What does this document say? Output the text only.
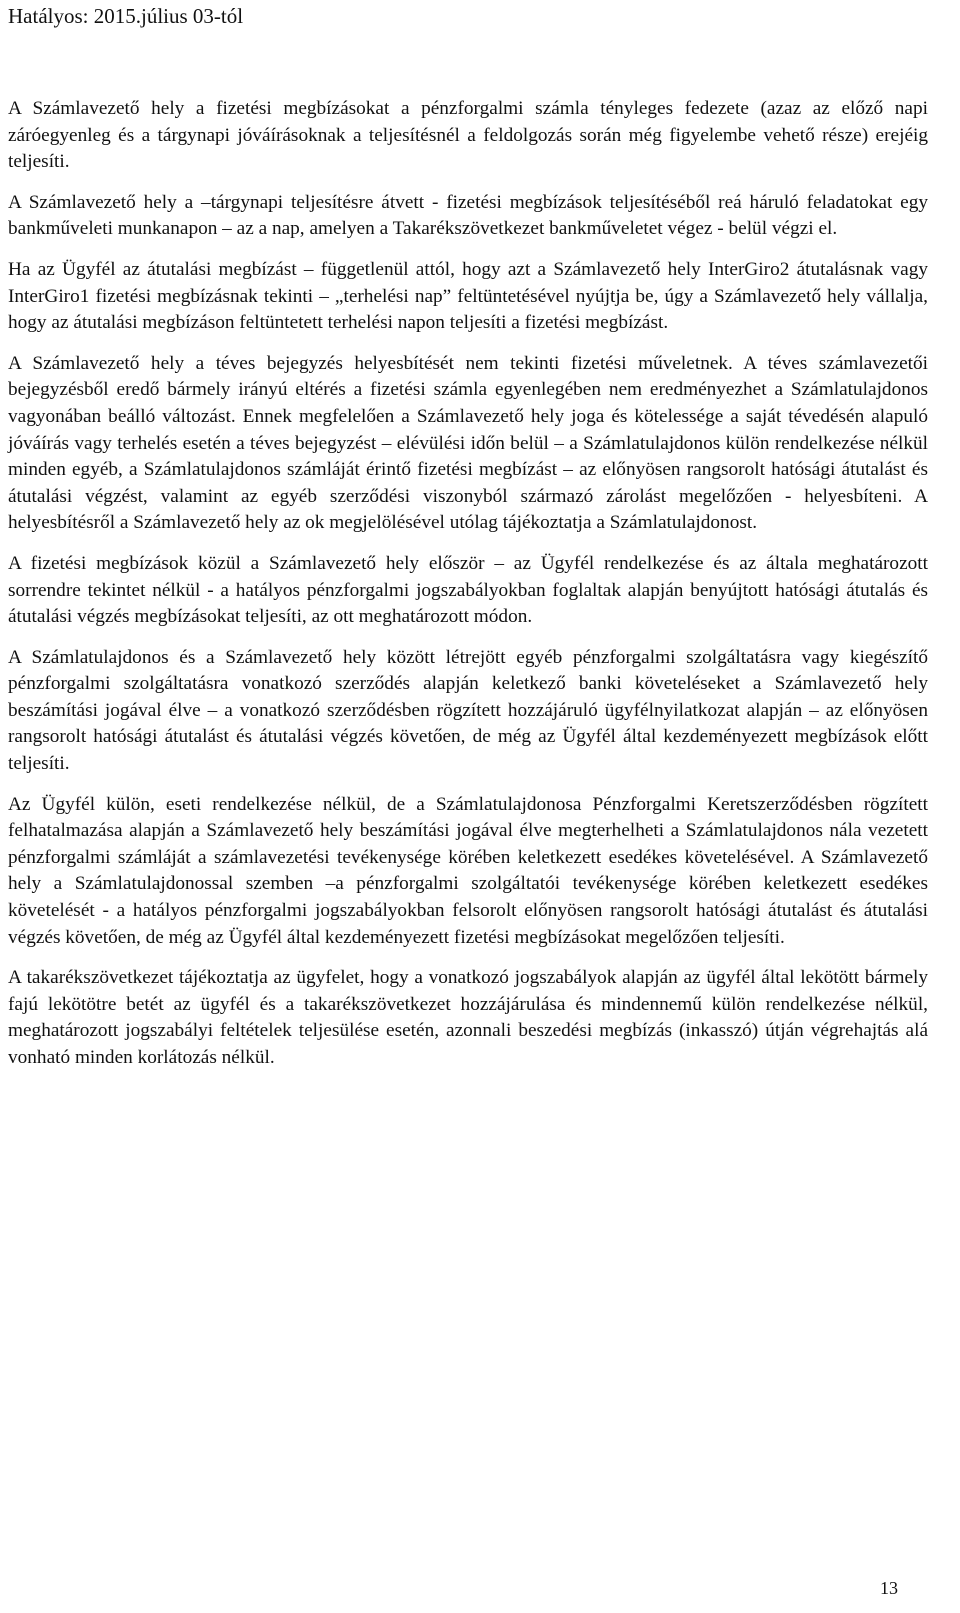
Hatályos: 2015.július 03-tól

A Számlavezető hely a fizetési megbízásokat a pénzforgalmi számla tényleges fedezete (azaz az előző napi záróegyenleg és a tárgynapi jóváírásoknak a teljesítésnél a feldolgozás során még figyelembe vehető része) erejéig teljesíti.

A Számlavezető hely a –tárgynapi teljesítésre átvett - fizetési megbízások teljesítéséből reá háruló feladatokat egy bankműveleti munkanapon – az a nap, amelyen a Takarékszövetkezet bankműveletet végez - belül végzi el.

Ha az Ügyfél az átutalási megbízást – függetlenül attól, hogy azt a Számlavezető hely InterGiro2 átutalásnak vagy InterGiro1 fizetési megbízásnak tekinti – „terhelési nap” feltüntetésével nyújtja be, úgy a Számlavezető hely vállalja, hogy az átutalási megbízáson feltüntetett terhelési napon teljesíti a fizetési megbízást.

A Számlavezető hely a téves bejegyzés helyesbítését nem tekinti fizetési műveletnek. A téves számlavezetői bejegyzésből eredő bármely irányú eltérés a fizetési számla egyenlegében nem eredményezhet a Számlatulajdonos vagyonában beálló változást. Ennek megfelelően a Számlavezető hely joga és kötelessége a saját tévedésén alapuló jóváírás vagy terhelés esetén a téves bejegyzést – elévülési időn belül – a Számlatulajdonos külön rendelkezése nélkül minden egyéb, a Számlatulajdonos számláját érintő fizetési megbízást – az előnyösen rangsorolt hatósági átutalást és átutalási végzést, valamint az egyéb szerződési viszonyból származó zárolást megelőzően - helyesbíteni. A helyesbítésről a Számlavezető hely az ok megjelölésével utólag tájékoztatja a Számlatulajdonost.

A fizetési megbízások közül a Számlavezető hely először – az Ügyfél rendelkezése és az általa meghatározott sorrendre tekintet nélkül - a hatályos pénzforgalmi jogszabályokban foglaltak alapján benyújtott hatósági átutalás és átutalási végzés megbízásokat teljesíti, az ott meghatározott módon.

A Számlatulajdonos és a Számlavezető hely között létrejött egyéb pénzforgalmi szolgáltatásra vagy kiegészítő pénzforgalmi szolgáltatásra vonatkozó szerződés alapján keletkező banki követeléseket a Számlavezető hely beszámítási jogával élve – a vonatkozó szerződésben rögzített hozzájáruló ügyfélnyilatkozat alapján – az előnyösen rangsorolt hatósági átutalást és átutalási végzés követően, de még az Ügyfél által kezdeményezett megbízások előtt teljesíti.

Az Ügyfél külön, eseti rendelkezése nélkül, de a Számlatulajdonosa Pénzforgalmi Keretszerződésben rögzített felhatalmazása alapján a Számlavezető hely beszámítási jogával élve megterhelheti a Számlatulajdonos nála vezetett pénzforgalmi számláját a számlavezetési tevékenysége körében keletkezett esedékes követelésével. A Számlavezető hely a Számlatulajdonossal szemben –a pénzforgalmi szolgáltatói tevékenysége körében keletkezett esedékes követelését - a hatályos pénzforgalmi jogszabályokban felsorolt előnyösen rangsorolt hatósági átutalást és átutalási végzés követően, de még az Ügyfél által kezdeményezett fizetési megbízásokat megelőzően teljesíti.

A takarékszövetkezet tájékoztatja az ügyfelet, hogy a vonatkozó jogszabályok alapján az ügyfél által lekötött bármely fajú lekötötre betét az ügyfél és a takarékszövetkezet hozzájárulása és mindennemű külön rendelkezése nélkül, meghatározott jogszabályi feltételek teljesülése esetén, azonnali beszedési megbízás (inkasszó) útján végrehajtás alá vonható minden korlátozás nélkül.

13
